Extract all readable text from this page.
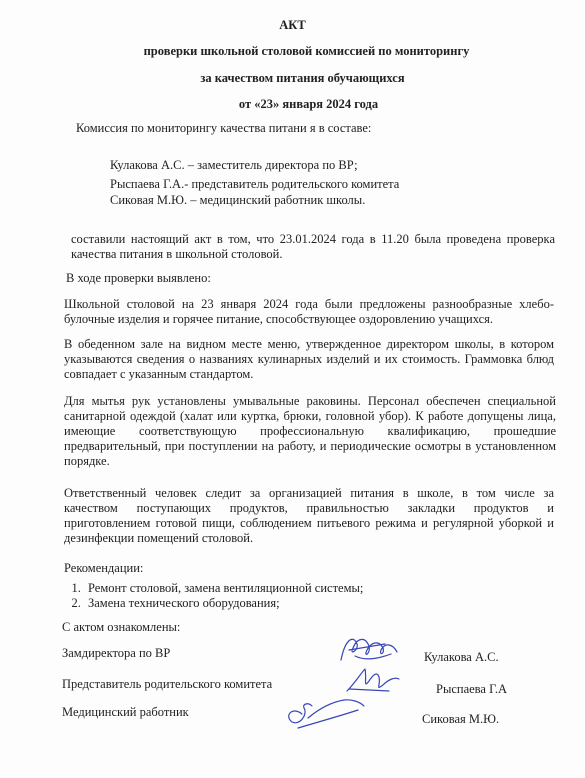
АКТ
проверки школьной столовой комиссией по мониторингу
за качеством питания обучающихся
от «23» января 2024 года
Комиссия по мониторингу качества питани я в составе:
Кулакова А.С. – заместитель директора по ВР;
Рыспаева Г.А.- представитель родительского комитета
Сиковая М.Ю. – медицинский работник школы.
составили настоящий акт в том, что 23.01.2024 года в 11.20 была проведена проверка
качества питания в школьной столовой.
В ходе проверки выявлено:
Школьной столовой на 23 января 2024 года были предложены разнообразные хлебо-
булочные изделия и горячее питание, способствующее оздоровлению учащихся.
В обеденном зале на видном месте меню, утвержденное директором школы, в котором
указываются сведения о названиях кулинарных изделий и их стоимость. Граммовка блюд
совпадает с указанным стандартом.
Для мытья рук установлены умывальные раковины. Персонал обеспечен специальной
санитарной одеждой (халат или куртка, брюки, головной убор). К работе допущены лица,
имеющие соответствующую профессиональную квалификацию, прошедшие
предварительный, при поступлении на работу, и периодические осмотры в установленном
порядке.
Ответственный человек следит за организацией питания в школе, в том числе за
качеством поступающих продуктов, правильностью закладки продуктов и
приготовлением готовой пищи, соблюдением питьевого режима и регулярной уборкой и
дезинфекции помещений столовой.
Рекомендации:
1. Ремонт столовой, замена вентиляционной системы;
2. Замена технического оборудования;
С актом ознакомлены:
Замдиректора по ВР	Кулакова А.С.
Представитель родительского комитета	Рыспаева Г.А
Медицинский работник	Сиковая М.Ю.
